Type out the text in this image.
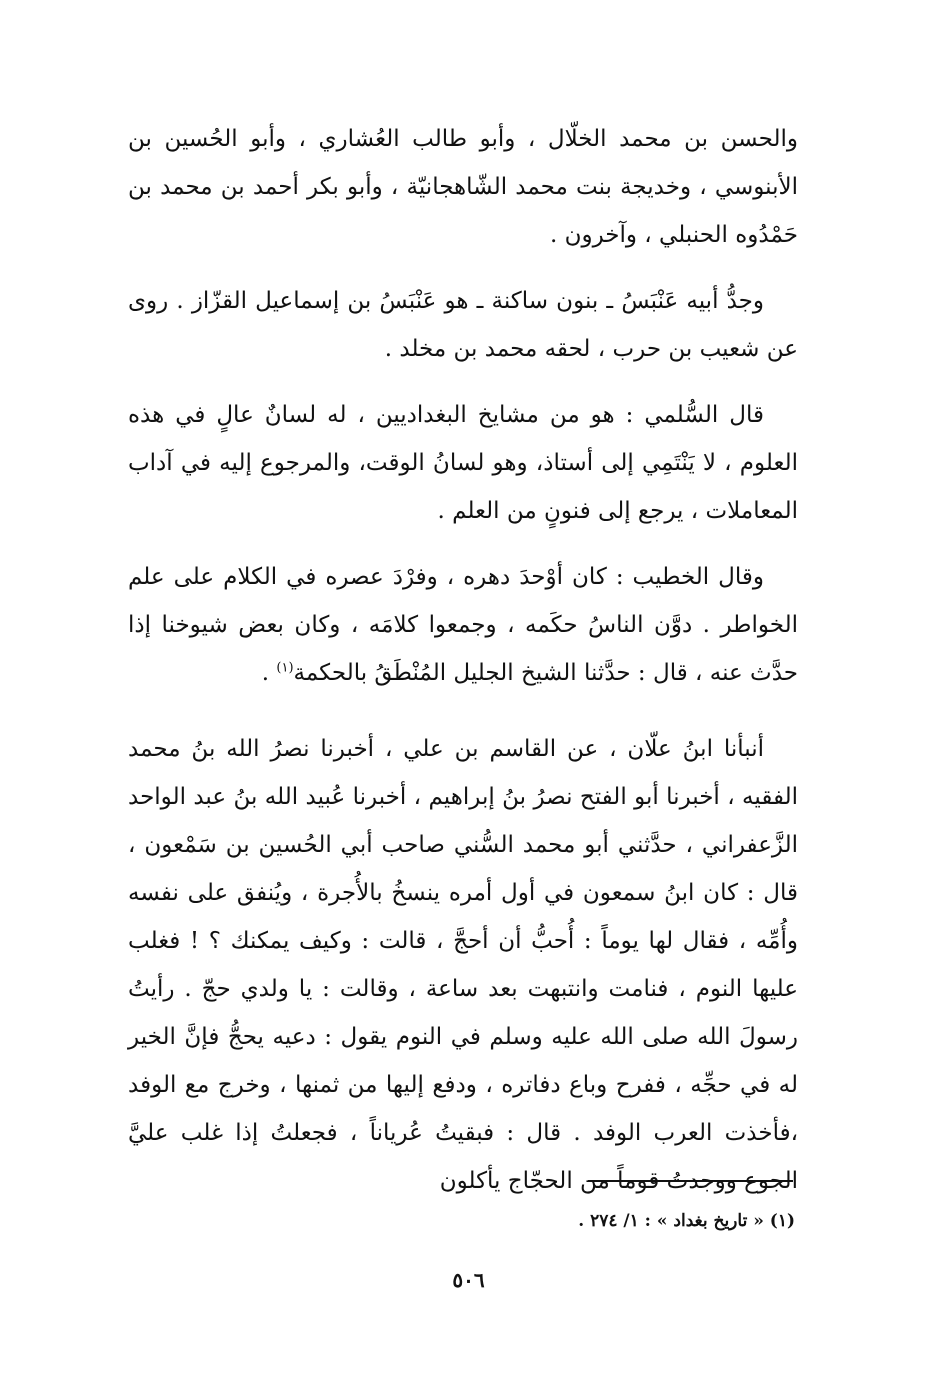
والحسن بن محمد الخلّال ، وأبو طالب العُشاري ، وأبو الحُسين بن الأبنوسي ، وخديجة بنت محمد الشّاهجانيّة ، وأبو بكر أحمد بن محمد بن حَمْدُوه الحنبلي ، وآخرون .

وجدُّ أبيه عَنْبَسُ ـ بنون ساكنة ـ هو عَنْبَسُ بن إسماعيل القزّاز . روى عن شعيب بن حرب ، لحقه محمد بن مخلد .

قال السُّلمي : هو من مشايخ البغداديين ، له لسانٌ عالٍ في هذه العلوم ، لا يَنْتَمِي إلى أستاذ، وهو لسانُ الوقت، والمرجوع إليه في آداب المعاملات ، يرجع إلى فنونٍ من العلم .

وقال الخطيب : كان أوْحدَ دهره ، وفرْدَ عصره في الكلام على علم الخواطر . دوَّن الناسُ حكَمه ، وجمعوا كلامَه ، وكان بعض شيوخنا إذا حدَّث عنه ، قال : حدَّثنا الشيخ الجليل المُنْطَقُ بالحكمة$^{(١)}$ .

أنبأنا ابنُ علّان ، عن القاسم بن علي ، أخبرنا نصرُ الله بنُ محمد الفقيه ، أخبرنا أبو الفتح نصرُ بنُ إبراهيم ، أخبرنا عُبيد الله بنُ عبد الواحد الزَّعفراني ، حدَّثني أبو محمد السُّني صاحب أبي الحُسين بن سَمْعون ، قال : كان ابنُ سمعون في أول أمره ينسخُ بالأُجرة ، ويُنفق على نفسه وأُمِّه ، فقال لها يوماً : أُحبُّ أن أحجَّ ، قالت : وكيف يمكنك ؟ ! فغلب عليها النوم ، فنامت وانتبهت بعد ساعة ، وقالت : يا ولدي حجّ . رأيتُ رسولَ الله صلى الله عليه وسلم في النوم يقول : دعيه يحجُّ فإنَّ الخير له في حجِّه ، ففرح وباع دفاتره ، ودفع إليها من ثمنها ، وخرج مع الوفد ،فأخذت العرب الوفد . قال : فبقيتُ عُرياناً ، فجعلتُ إذا غلب عليَّ الجوع ووجدتُ قوماً من الحجّاج يأكلون

(١) « تاريخ بغداد » : ١/ ٢٧٤ .
٥٠٦
